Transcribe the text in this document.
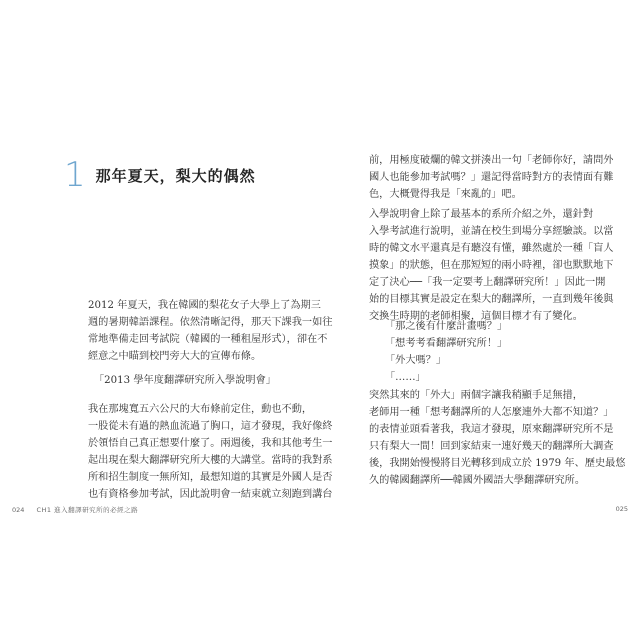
1 那年夏天，梨大的偶然

2012 年夏天，我在韓國的梨花女子大學上了為期三
週的暑期韓語課程。依然清晰記得，那天下課我一如往
常地準備走回考試院（韓國的一種租屋形式），卻在不
經意之中瞄到校門旁大大的宣傳布條。

「2013 學年度翻譯研究所入學說明會」

我在那塊寬五六公尺的大布條前定住，動也不動，
一股從未有過的熱血流過了胸口，這才發現，我好像終
於領悟自己真正想要什麼了。兩週後，我和其他考生一
起出現在梨大翻譯研究所大樓的大講堂。當時的我對系
所和招生制度一無所知，最想知道的其實是外國人是否
也有資格參加考試，因此說明會一結束就立刻跑到講台

024 CH1 進入翻譯研究所的必經之路

前，用極度破爛的韓文拼湊出一句「老師你好，請問外
國人也能參加考試嗎？」還記得當時對方的表情面有難
色，大概覺得我是「來亂的」吧。

入學說明會上除了最基本的系所介紹之外，還針對
入學考試進行說明，並請在校生到場分享經驗談。以當
時的韓文水平還真是有聽沒有懂，雖然處於一種「盲人
摸象」的狀態，但在那短短的兩小時裡，卻也默默地下
定了決心──「我一定要考上翻譯研究所！」因此一開
始的目標其實是設定在梨大的翻譯所，一直到幾年後與
交換生時期的老師相聚，這個目標才有了變化。

「那之後有什麼計畫嗎？」
「想考考看翻譯研究所！」
「外大嗎？」
「……」

突然其來的「外大」兩個字讓我稍顯手足無措，
老師用一種「想考翻譯所的人怎麼連外大都不知道？」
的表情並頭看著我，我這才發現，原來翻譯研究所不是
只有梨大一間！回到家結束一連好幾天的翻譯所大調查
後，我開始慢慢將目光轉移到成立於 1979 年、歷史最悠
久的韓國翻譯所──韓國外國語大學翻譯研究所。

025
